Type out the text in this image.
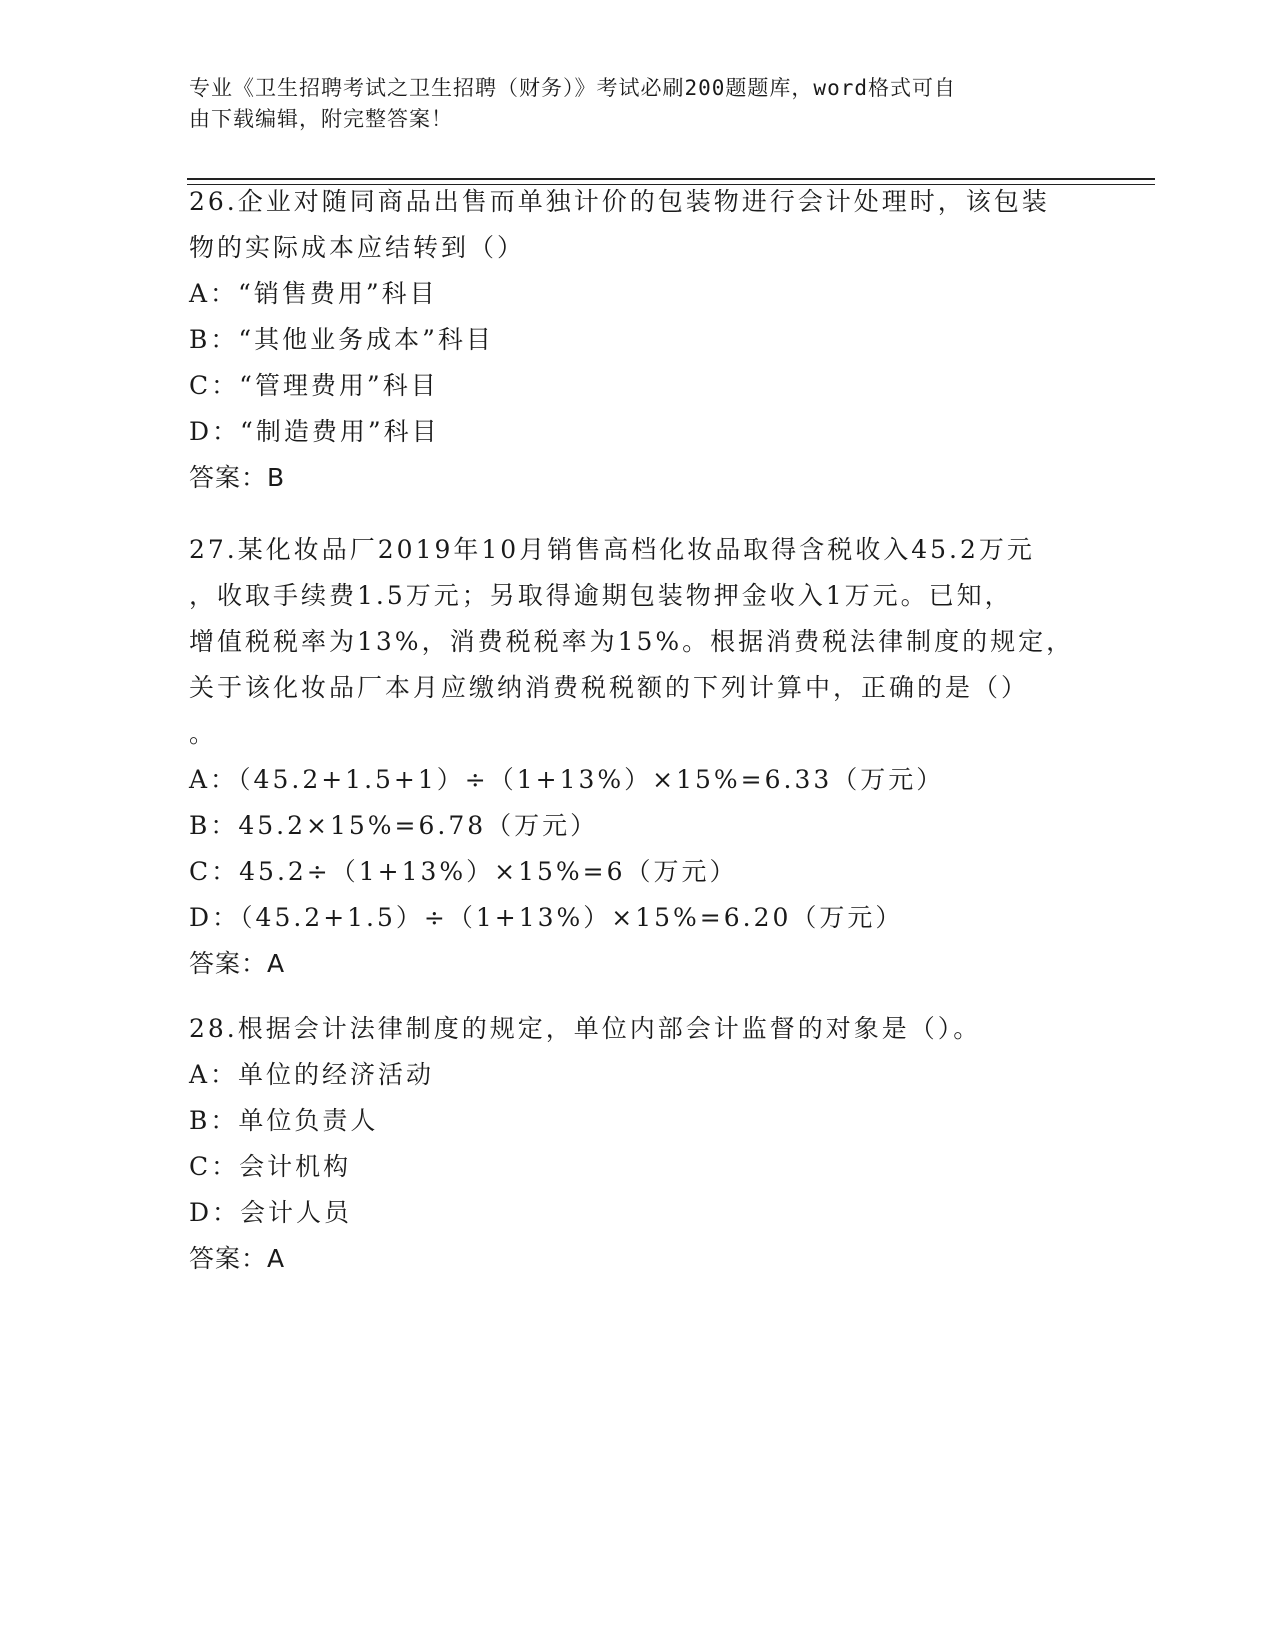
专业《卫生招聘考试之卫生招聘（财务）》考试必刷200题题库，word格式可自
由下载编辑，附完整答案！
26.企业对随同商品出售而单独计价的包装物进行会计处理时，该包装
物的实际成本应结转到（）
A：“销售费用”科目
B：“其他业务成本”科目
C：“管理费用”科目
D：“制造费用”科目
答案：B
27.某化妆品厂2019年10月销售高档化妆品取得含税收入45.2万元
，收取手续费1.5万元；另取得逾期包装物押金收入1万元。已知，
增值税税率为13%，消费税税率为15%。根据消费税法律制度的规定，
关于该化妆品厂本月应缴纳消费税税额的下列计算中，正确的是（）
。
A：（45.2+1.5+1）÷（1+13%）×15%=6.33（万元）
B：45.2×15%=6.78（万元）
C：45.2÷（1+13%）×15%=6（万元）
D：（45.2+1.5）÷（1+13%）×15%=6.20（万元）
答案：A
28.根据会计法律制度的规定，单位内部会计监督的对象是（）。
A：单位的经济活动
B：单位负责人
C：会计机构
D：会计人员
答案：A
